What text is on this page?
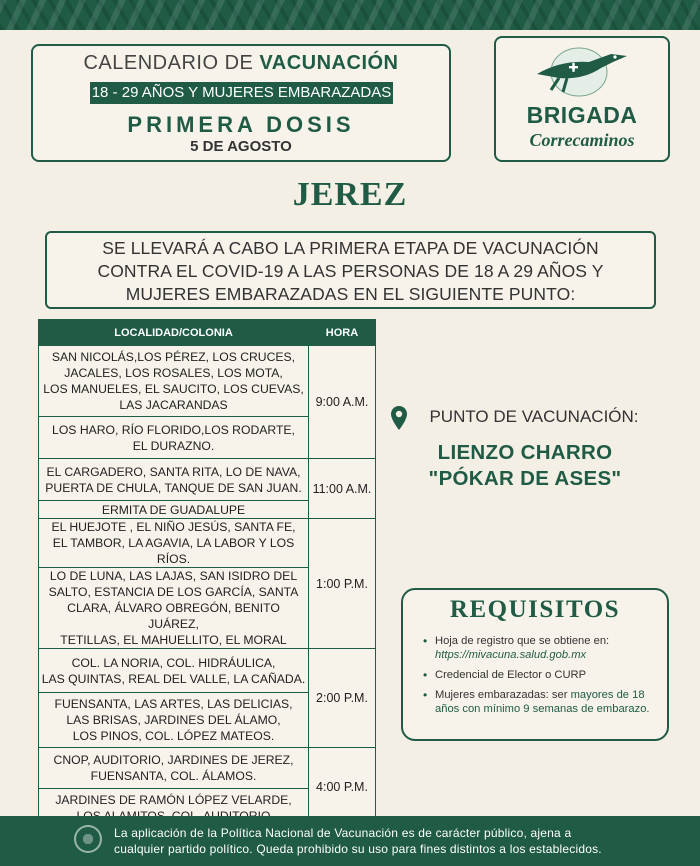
CALENDARIO DE VACUNACIÓN
18 - 29 AÑOS Y MUJERES EMBARAZADAS
PRIMERA DOSIS
5 DE AGOSTO
BRIGADA
Correcaminos
JEREZ
SE LLEVARÁ A CABO LA PRIMERA ETAPA DE VACUNACIÓN
CONTRA EL COVID-19 A LAS PERSONAS DE 18 A 29 AÑOS Y
MUJERES EMBARAZADAS EN EL SIGUIENTE PUNTO:
LOCALIDAD/COLONIA	HORA

SAN NICOLÁS,LOS PÉREZ, LOS CRUCES,
JACALES, LOS ROSALES, LOS MOTA,
LOS MANUELES, EL SAUCITO, LOS CUEVAS,
LAS JACARANDAS	9:00 A.M.

LOS HARO, RÍO FLORIDO,LOS RODARTE,
EL DURAZNO.	

EL CARGADERO, SANTA RITA, LO DE NAVA,
PUERTA DE CHULA, TANQUE DE SAN JUAN.	11:00 A.M.

ERMITA DE GUADALUPE	

EL HUEJOTE , EL NIÑO JESÚS, SANTA FE,
EL TAMBOR, LA AGAVIA, LA LABOR Y LOS RÍOS.	1:00 P.M.

LO DE LUNA, LAS LAJAS, SAN ISIDRO DEL
SALTO, ESTANCIA DE LOS GARCÍA, SANTA
CLARA, ÁLVARO OBREGÓN, BENITO JUÁREZ,
TETILLAS, EL MAHUELLITO, EL MORAL	

COL. LA NORIA, COL. HIDRÁULICA,
LAS QUINTAS, REAL DEL VALLE, LA CAÑADA.	2:00 P.M.

FUENSANTA, LAS ARTES, LAS DELICIAS,
LAS BRISAS, JARDINES DEL ÁLAMO,
LOS PINOS, COL. LÓPEZ MATEOS.	

CNOP, AUDITORIO, JARDINES DE JEREZ,
FUENSANTA, COL. ÁLAMOS.	4:00 P.M.

JARDINES DE RAMÓN LÓPEZ VELARDE,	
PUNTO DE VACUNACIÓN:
LIENZO CHARRO
"PÓKAR DE ASES"
REQUISITOS
• Hoja de registro que se obtiene en: https://mivacuna.salud.gob.mx
• Credencial de Elector o CURP
• Mujeres embarazadas: ser mayores de 18 años con mínimo 9 semanas de embarazo.
La aplicación de la Política Nacional de Vacunación es de carácter público, ajena a
cualquier partido político. Queda prohibido su uso para fines distintos a los establecidos.
